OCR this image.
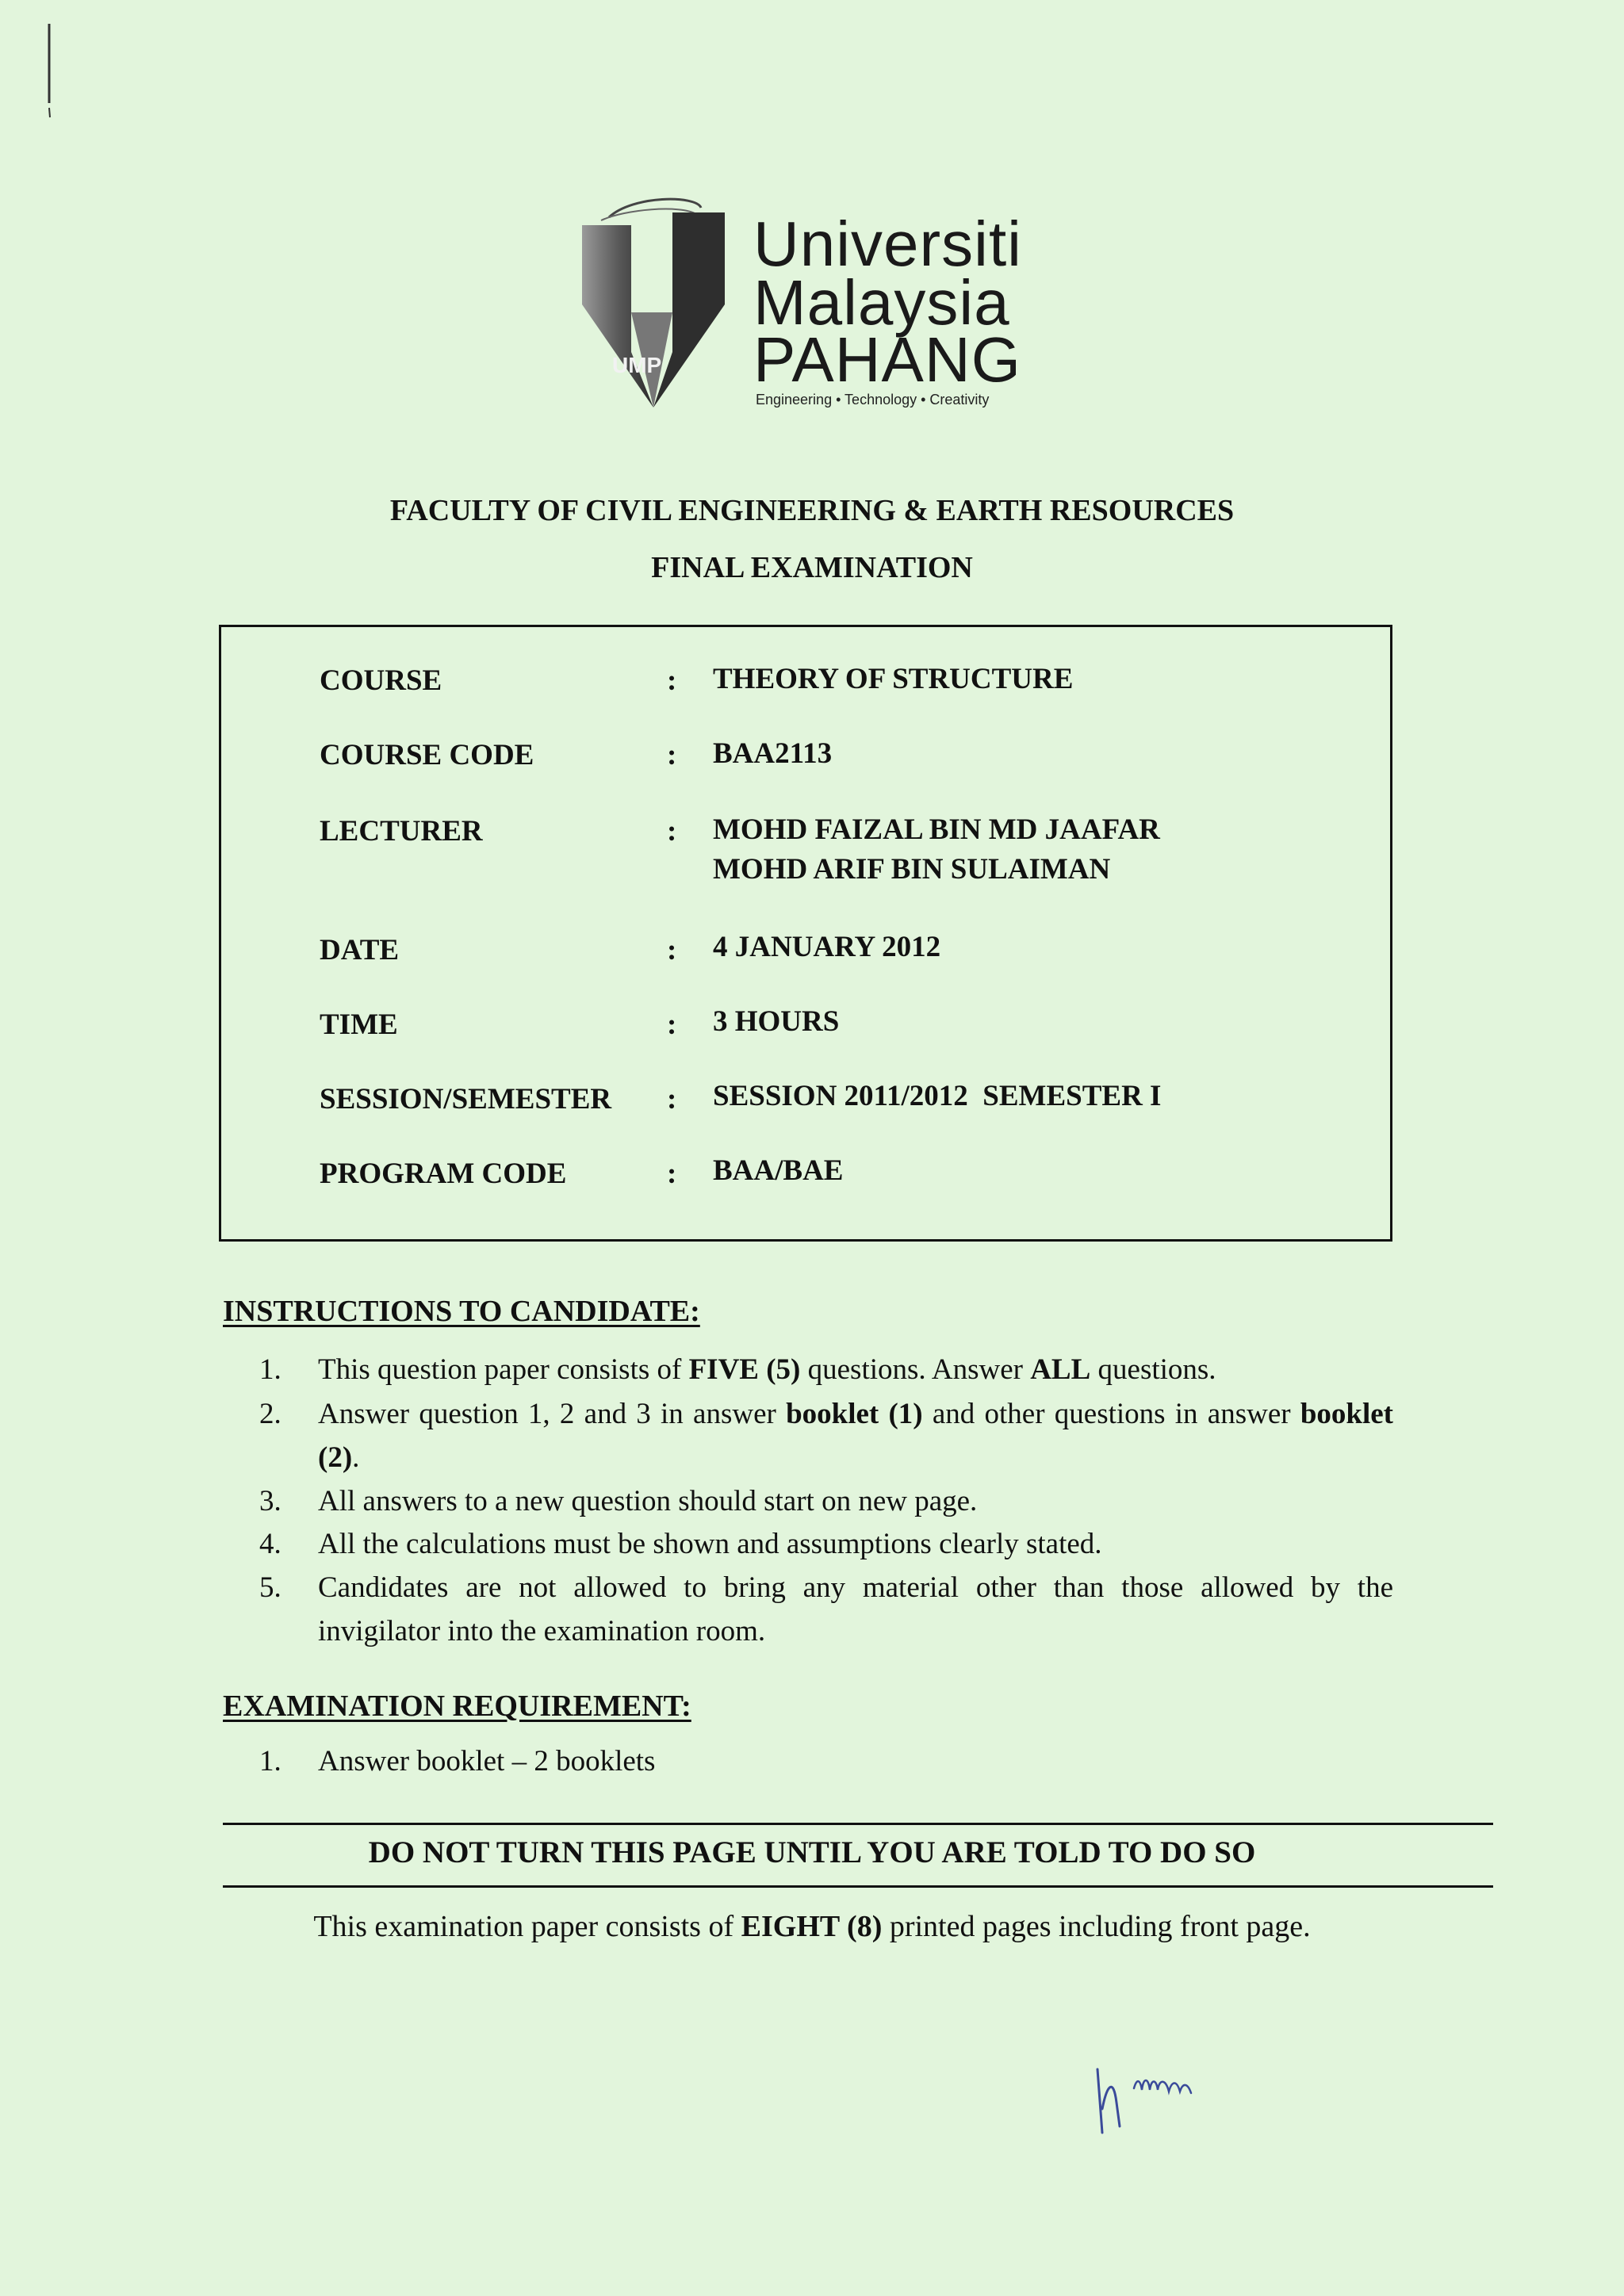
UMP
Universiti
Malaysia
PAHANG
Engineering • Technology • Creativity
FACULTY OF CIVIL ENGINEERING & EARTH RESOURCES
FINAL EXAMINATION
COURSE	: THEORY OF STRUCTURE
COURSE CODE	: BAA2113
LECTURER	: MOHD FAIZAL BIN MD JAAFAR
MOHD ARIF BIN SULAIMAN
DATE	: 4 JANUARY 2012
TIME	: 3 HOURS
SESSION/SEMESTER : SESSION 2011/2012  SEMESTER I
PROGRAM CODE	: BAA/BAE
INSTRUCTIONS TO CANDIDATE:
1. This question paper consists of FIVE (5) questions. Answer ALL questions.
2. Answer question 1, 2 and 3 in answer booklet (1) and other questions in answer booklet (2).
3. All answers to a new question should start on new page.
4. All the calculations must be shown and assumptions clearly stated.
5. Candidates are not allowed to bring any material other than those allowed by the invigilator into the examination room.
EXAMINATION REQUIREMENT:
1. Answer booklet – 2 booklets
DO NOT TURN THIS PAGE UNTIL YOU ARE TOLD TO DO SO
This examination paper consists of EIGHT (8) printed pages including front page.
